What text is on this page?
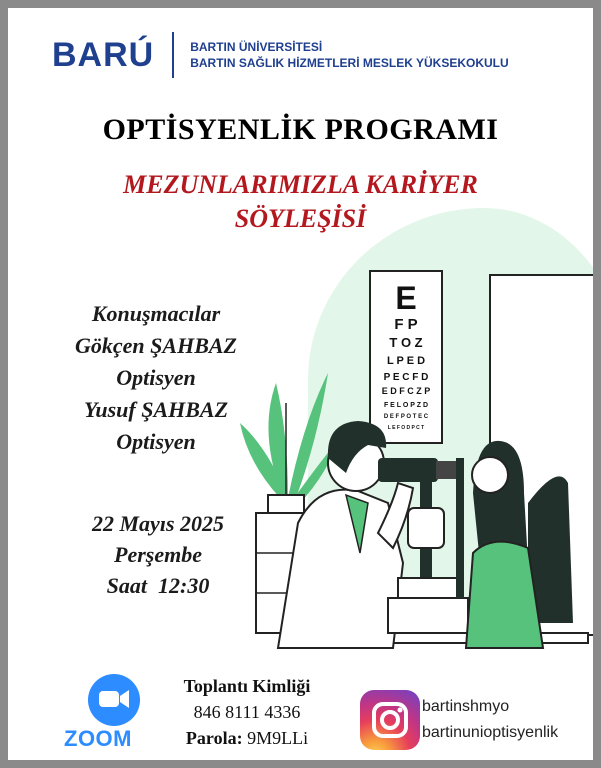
BARÚ	BARTIN ÜNİVERSİTESİ
BARTIN SAĞLIK HİZMETLERİ MESLEK YÜKSEKOKULU
OPTİSYENLİK PROGRAMI
MEZUNLARIMIZLA KARİYER
SÖYLEŞİSİ
E
F P
T O Z
L P E D
P E C F D
E D F C Z P
F E L O P Z D
D E F P O T E C
L E F O D P C T
Konuşmacılar
Gökçen ŞAHBAZ
Optisyen
Yusuf ŞAHBAZ
Optisyen
22 Mayıs 2025
Perşembe
Saat  12:30
ZOOM
Toplantı Kimliği
846 8111 4336
Parola: 9M9LLi
bartinshmyo
bartinunioptisyenlik
